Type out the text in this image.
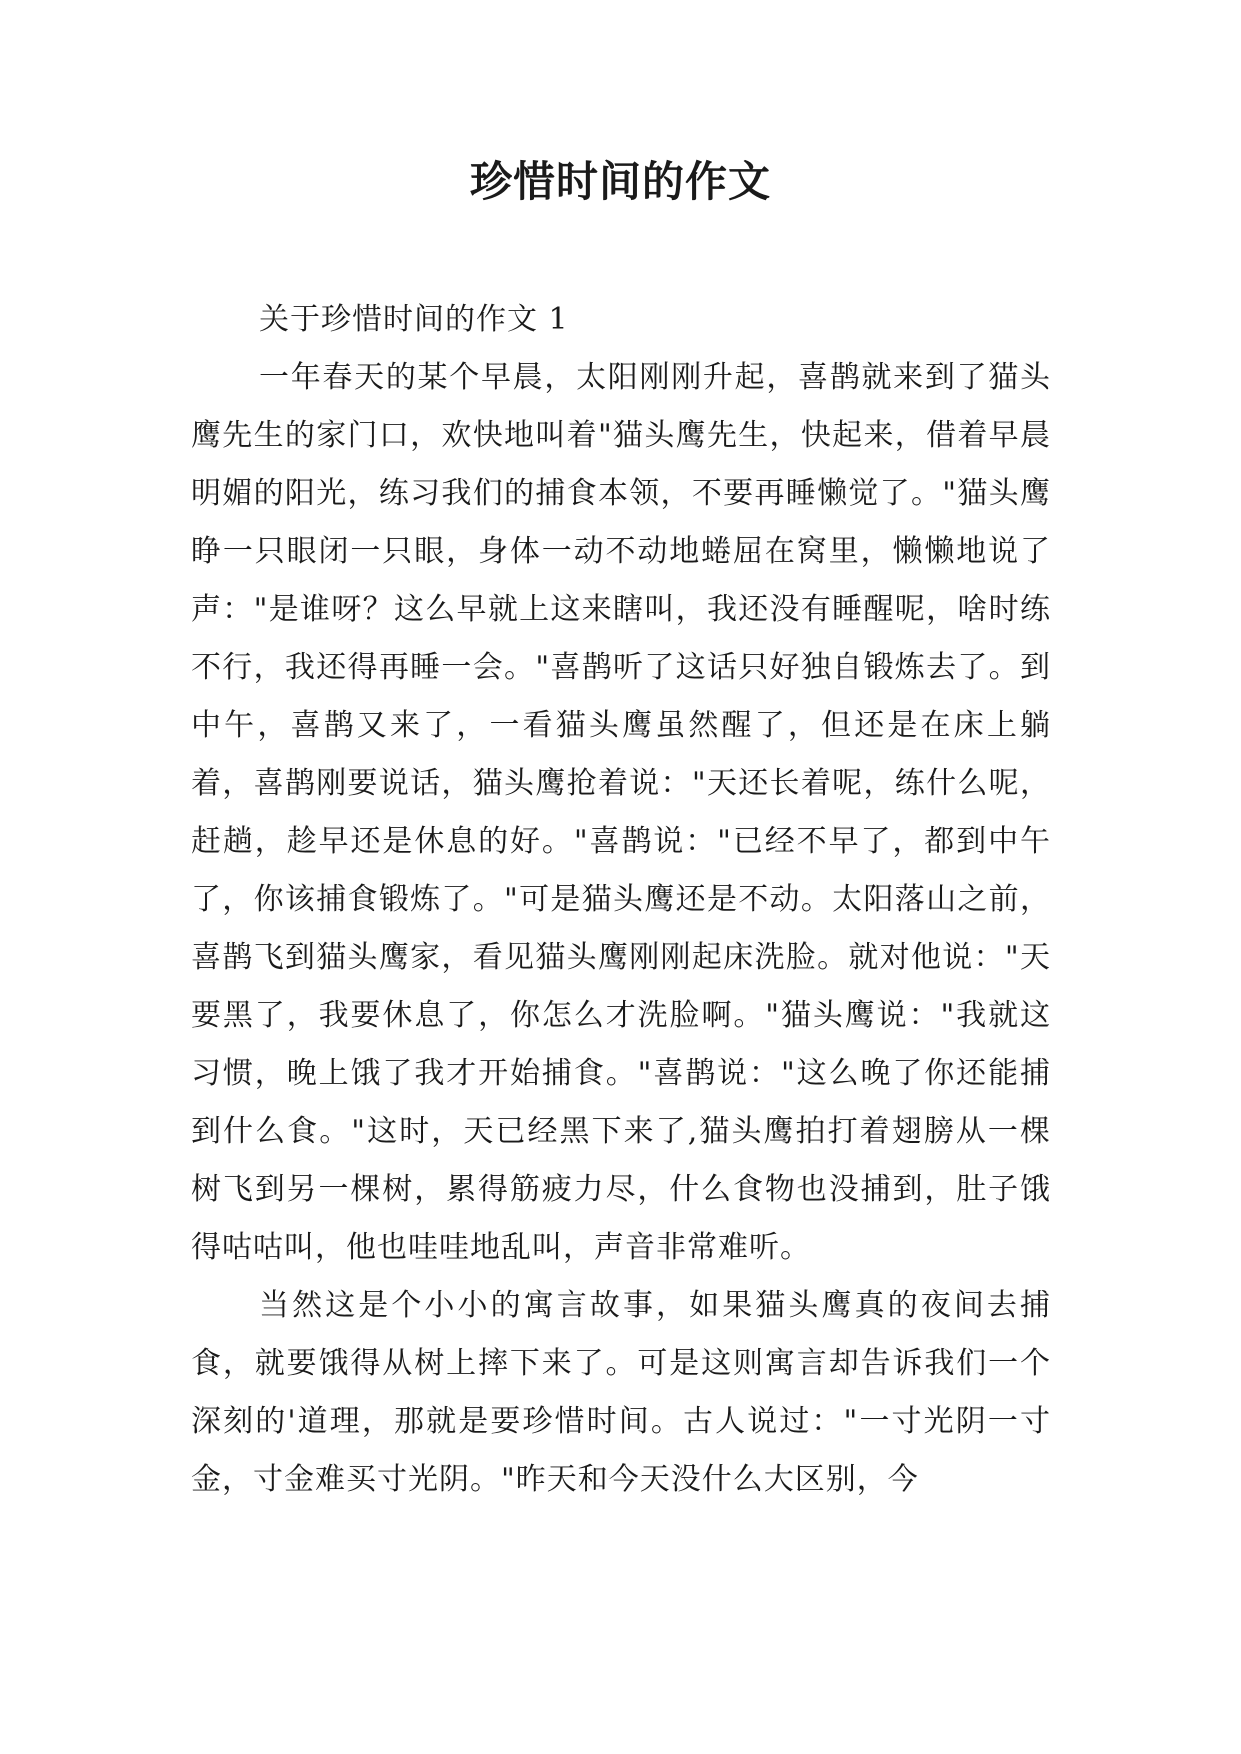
珍惜时间的作文

关于珍惜时间的作文 1

一年春天的某个早晨，太阳刚刚升起，喜鹊就来到了猫头鹰先生的家门口，欢快地叫着"猫头鹰先生，快起来，借着早晨明媚的阳光，练习我们的捕食本领，不要再睡懒觉了。"猫头鹰睁一只眼闭一只眼，身体一动不动地蜷屈在窝里，懒懒地说了声："是谁呀？这么早就上这来瞎叫，我还没有睡醒呢，啥时练不行，我还得再睡一会。"喜鹊听了这话只好独自锻炼去了。到中午，喜鹊又来了，一看猫头鹰虽然醒了，但还是在床上躺着，喜鹊刚要说话，猫头鹰抢着说："天还长着呢，练什么呢，赶趟，趁早还是休息的好。"喜鹊说："已经不早了，都到中午了，你该捕食锻炼了。"可是猫头鹰还是不动。太阳落山之前，喜鹊飞到猫头鹰家，看见猫头鹰刚刚起床洗脸。就对他说："天要黑了，我要休息了，你怎么才洗脸啊。"猫头鹰说："我就这习惯，晚上饿了我才开始捕食。"喜鹊说："这么晚了你还能捕到什么食。"这时，天已经黑下来了,猫头鹰拍打着翅膀从一棵树飞到另一棵树，累得筋疲力尽，什么食物也没捕到，肚子饿得咕咕叫，他也哇哇地乱叫，声音非常难听。

当然这是个小小的寓言故事，如果猫头鹰真的夜间去捕食，就要饿得从树上摔下来了。可是这则寓言却告诉我们一个深刻的'道理，那就是要珍惜时间。古人说过："一寸光阴一寸金，寸金难买寸光阴。"昨天和今天没什么大区别，今
